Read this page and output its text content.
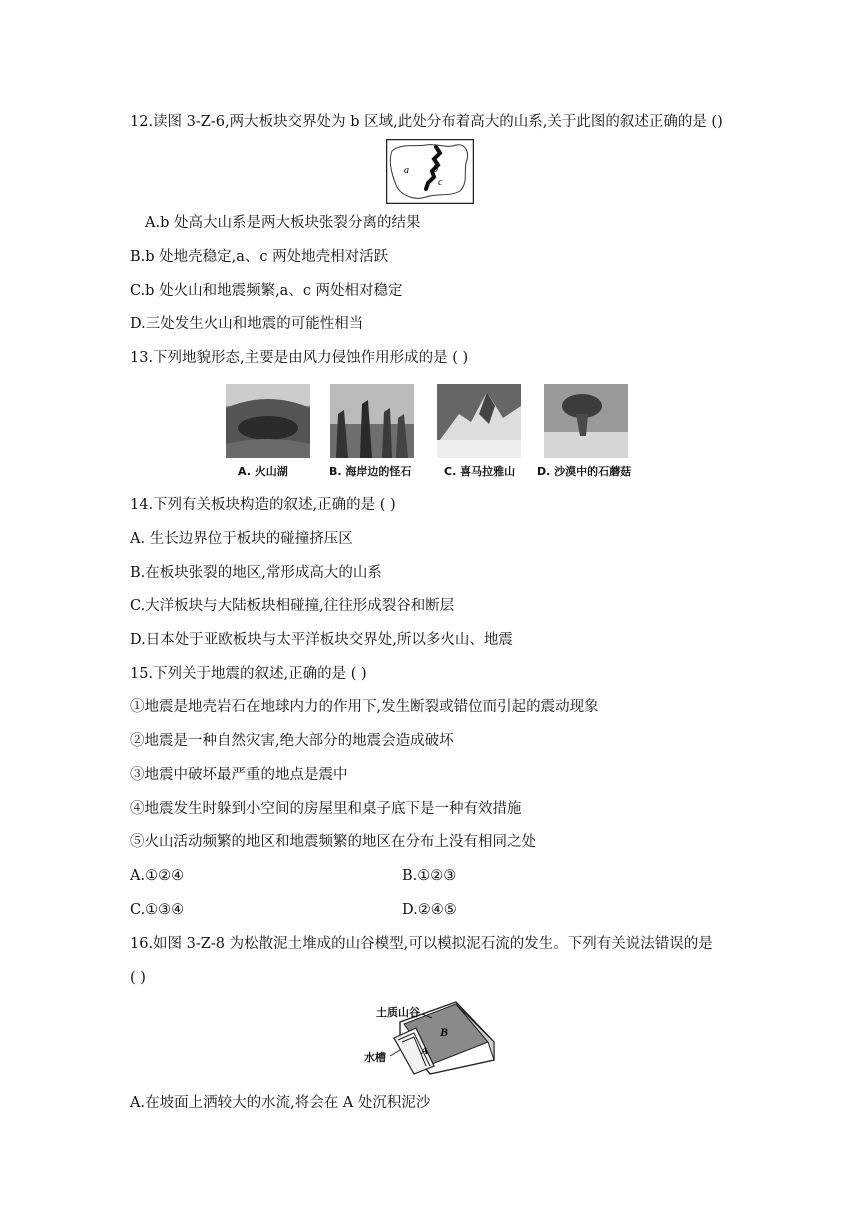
12.读图 3-Z-6,两大板块交界处为 b 区域,此处分布着高大的山系,关于此图的叙述正确的是 ()
a b
c
A.b 处高大山系是两大板块张裂分离的结果
B.b 处地壳稳定,a、c 两处地壳相对活跃
C.b 处火山和地震频繁,a、c 两处相对稳定
D.三处发生火山和地震的可能性相当
13.下列地貌形态,主要是由风力侵蚀作用形成的是 ( )
A. 火山湖	B. 海岸边的怪石	C. 喜马拉雅山 D. 沙漠中的石蘑菇
14.下列有关板块构造的叙述,正确的是 ( )
A. 生长边界位于板块的碰撞挤压区
B.在板块张裂的地区,常形成高大的山系
C.大洋板块与大陆板块相碰撞,往往形成裂谷和断层
D.日本处于亚欧板块与太平洋板块交界处,所以多火山、地震
15.下列关于地震的叙述,正确的是 ( )
①地震是地壳岩石在地球内力的作用下,发生断裂或错位而引起的震动现象
②地震是一种自然灾害,绝大部分的地震会造成破坏
③地震中破坏最严重的地点是震中
④地震发生时躲到小空间的房屋里和桌子底下是一种有效措施
⑤火山活动频繁的地区和地震频繁的地区在分布上没有相同之处
A.①②④	B.①②③
C.①③④	D.②④⑤
16.如图 3-Z-8 为松散泥土堆成的山谷模型,可以模拟泥石流的发生。下列有关说法错误的是
( )
B
A
土质山谷
水槽
A.在坡面上洒较大的水流,将会在 A 处沉积泥沙
